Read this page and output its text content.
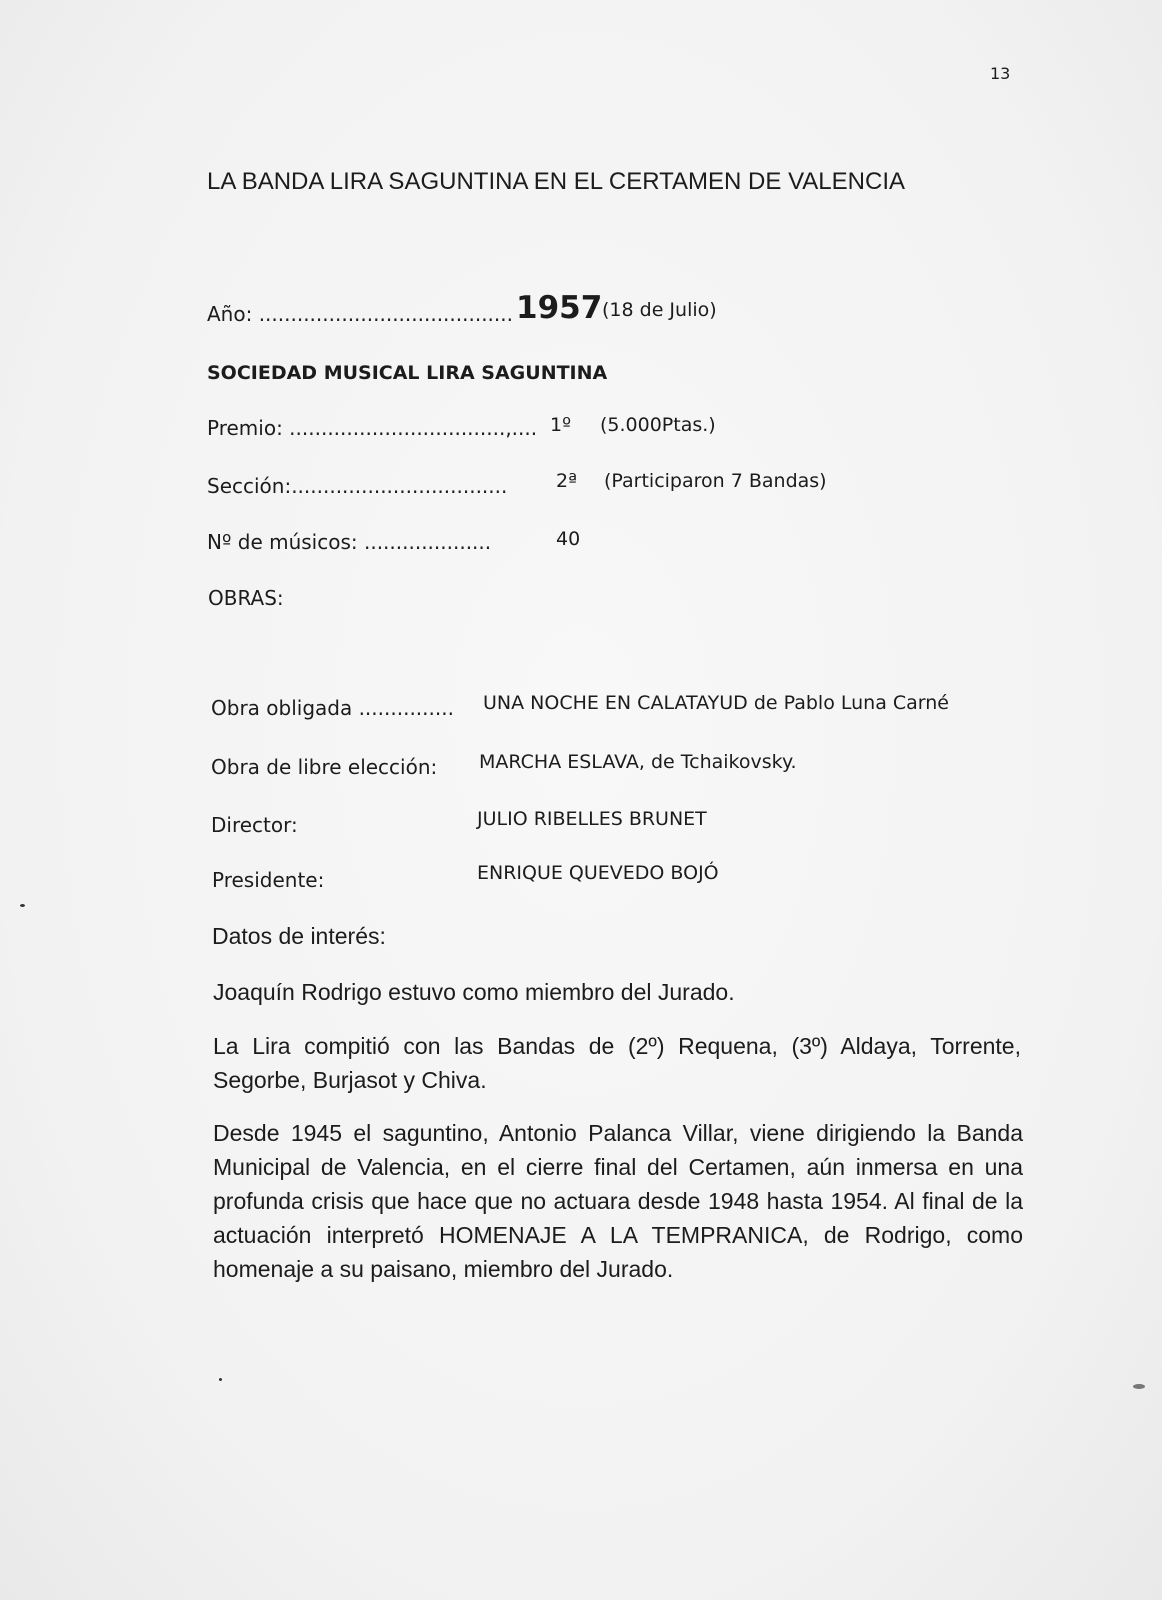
13
LA BANDA LIRA SAGUNTINA EN EL CERTAMEN DE VALENCIA
Año: ........................................ 1957 (18 de Julio)
SOCIEDAD MUSICAL LIRA SAGUNTINA
Premio: ..................................,.... 1º (5.000Ptas.)
Sección:..................................	2ª (Participaron 7 Bandas)
Nº de músicos: ....................	40
OBRAS:
Obra obligada ............... UNA NOCHE EN CALATAYUD de Pablo Luna Carné
Obra de libre elección: MARCHA ESLAVA, de Tchaikovsky.
Director:	JULIO RIBELLES BRUNET
Presidente:	ENRIQUE QUEVEDO BOJÓ
Datos de interés:
Joaquín Rodrigo estuvo como miembro del Jurado.
La Lira compitió con las Bandas de (2º) Requena, (3º) Aldaya, Torrente, Segorbe, Burjasot y Chiva.
Desde 1945 el saguntino, Antonio Palanca Villar, viene dirigiendo la Banda Municipal de Valencia, en el cierre final del Certamen, aún inmersa en una profunda crisis que hace que no actuara desde 1948 hasta 1954. Al final de la actuación interpretó HOMENAJE A LA TEMPRANICA, de Rodrigo, como homenaje a su paisano, miembro del Jurado.
